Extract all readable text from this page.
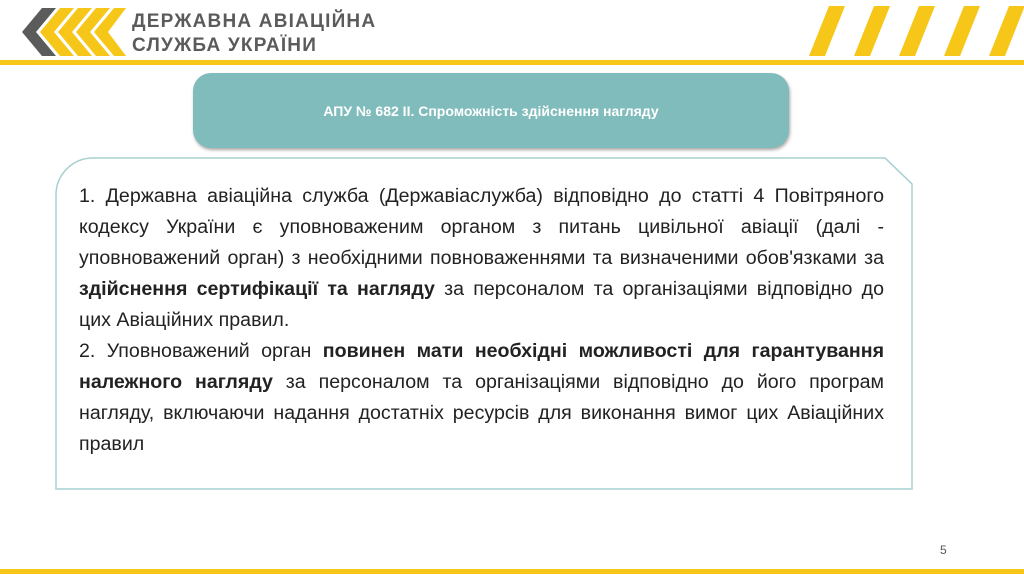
ДЕРЖАВНА АВІАЦІЙНА
СЛУЖБА УКРАЇНИ
АПУ № 682 ІІ. Спроможність здійснення нагляду

1. Державна авіаційна служба (Державіаслужба) відповідно до статті 4 Повітряного кодексу України є уповноваженим органом з питань цивільної авіації (далі - уповноважений орган) з необхідними повноваженнями та визначеними обов'язками за здійснення сертифікації та нагляду за персоналом та організаціями відповідно до цих Авіаційних правил.

2. Уповноважений орган повинен мати необхідні можливості для гарантування належного нагляду за персоналом та організаціями відповідно до його програм нагляду, включаючи надання достатніх ресурсів для виконання вимог цих Авіаційних правил

5
